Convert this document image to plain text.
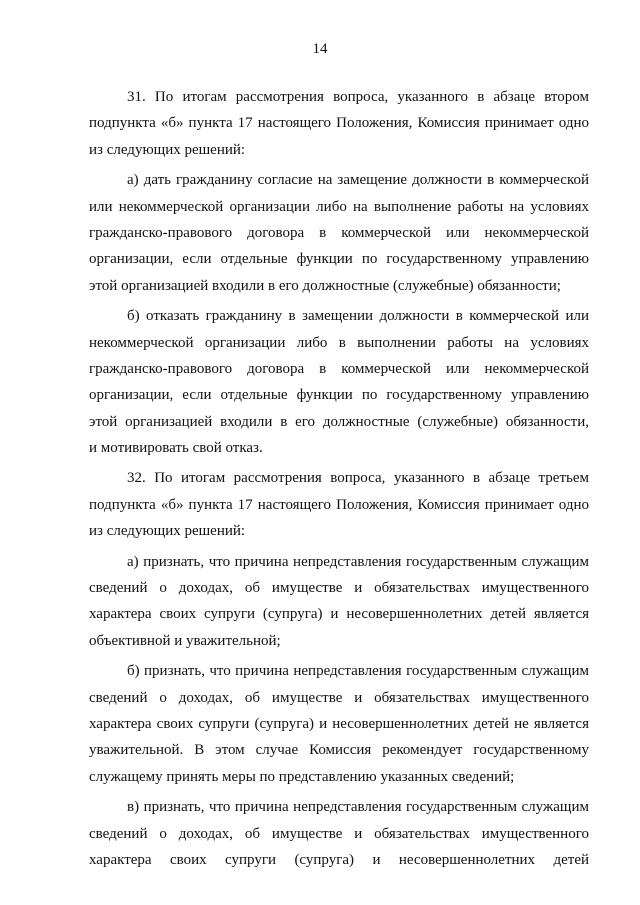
14
31. По итогам рассмотрения вопроса, указанного в абзаце втором
подпункта «б» пункта 17 настоящего Положения, Комиссия принимает одно
из следующих решений:
а) дать гражданину согласие на замещение должности в коммерческой
или некоммерческой организации либо на выполнение работы на условиях
гражданско-правового договора в коммерческой или некоммерческой
организации, если отдельные функции по государственному управлению
этой организацией входили в его должностные (служебные) обязанности;
б) отказать гражданину в замещении должности в коммерческой или
некоммерческой организации либо в выполнении работы на условиях
гражданско-правового договора в коммерческой или некоммерческой
организации, если отдельные функции по государственному управлению
этой организацией входили в его должностные (служебные) обязанности,
и мотивировать свой отказ.
32. По итогам рассмотрения вопроса, указанного в абзаце третьем
подпункта «б» пункта 17 настоящего Положения, Комиссия принимает одно
из следующих решений:
а) признать, что причина непредставления государственным служащим
сведений о доходах, об имуществе и обязательствах имущественного
характера своих супруги (супруга) и несовершеннолетних детей является
объективной и уважительной;
б) признать, что причина непредставления государственным служащим
сведений о доходах, об имуществе и обязательствах имущественного
характера своих супруги (супруга) и несовершеннолетних детей не является
уважительной. В этом случае Комиссия рекомендует государственному
служащему принять меры по представлению указанных сведений;
в) признать, что причина непредставления государственным служащим
сведений о доходах, об имуществе и обязательствах имущественного
характера своих супруги (супруга) и несовершеннолетних детей
